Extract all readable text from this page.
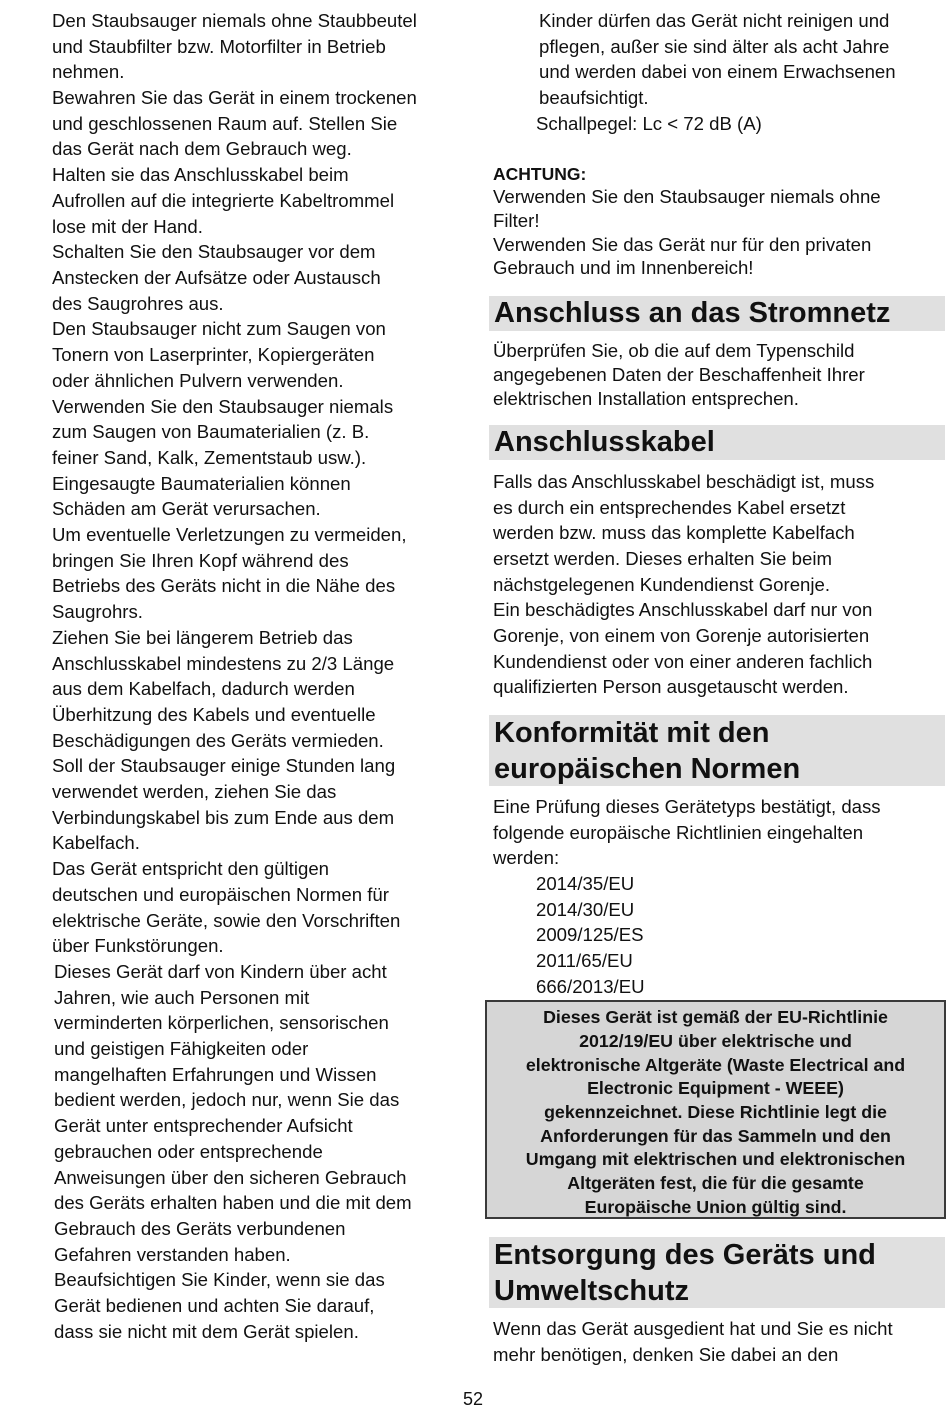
Den Staubsauger niemals ohne Staubbeutel
und Staubfilter bzw. Motorfilter in Betrieb
nehmen.
Bewahren Sie das Gerät in einem trockenen
und geschlossenen Raum auf. Stellen Sie
das Gerät nach dem Gebrauch weg.
Halten sie das Anschlusskabel beim
Aufrollen auf die integrierte Kabeltrommel
lose mit der Hand.
Schalten Sie den Staubsauger vor dem
Anstecken der Aufsätze oder Austausch
des Saugrohres aus.
Den Staubsauger nicht zum Saugen von
Tonern von Laserprinter, Kopiergeräten
oder ähnlichen Pulvern verwenden.
Verwenden Sie den Staubsauger niemals
zum Saugen von Baumaterialien (z. B.
feiner Sand, Kalk, Zementstaub usw.).
Eingesaugte Baumaterialien können
Schäden am Gerät verursachen.
Um eventuelle Verletzungen zu vermeiden,
bringen Sie Ihren Kopf während des
Betriebs des Geräts nicht in die Nähe des
Saugrohrs.
Ziehen Sie bei längerem Betrieb das
Anschlusskabel mindestens zu 2/3 Länge
aus dem Kabelfach, dadurch werden
Überhitzung des Kabels und eventuelle
Beschädigungen des Geräts vermieden.
Soll der Staubsauger einige Stunden lang
verwendet werden, ziehen Sie das
Verbindungskabel bis zum Ende aus dem
Kabelfach.
Das Gerät entspricht den gültigen
deutschen und europäischen Normen für
elektrische Geräte, sowie den Vorschriften
über Funkstörungen.
Dieses Gerät darf von Kindern über acht
Jahren, wie auch Personen mit
verminderten körperlichen, sensorischen
und geistigen Fähigkeiten oder
mangelhaften Erfahrungen und Wissen
bedient werden, jedoch nur, wenn Sie das
Gerät unter entsprechender Aufsicht
gebrauchen oder entsprechende
Anweisungen über den sicheren Gebrauch
des Geräts erhalten haben und die mit dem
Gebrauch des Geräts verbundenen
Gefahren verstanden haben.
Beaufsichtigen Sie Kinder, wenn sie das
Gerät bedienen und achten Sie darauf,
dass sie nicht mit dem Gerät spielen.
Kinder dürfen das Gerät nicht reinigen und
pflegen, außer sie sind älter als acht Jahre
und werden dabei von einem Erwachsenen
beaufsichtigt.
Schallpegel: Lc < 72 dB (A)
ACHTUNG:
Verwenden Sie den Staubsauger niemals ohne
Filter!
Verwenden Sie das Gerät nur für den privaten
Gebrauch und im Innenbereich!
Anschluss an das Stromnetz
Überprüfen Sie, ob die auf dem Typenschild
angegebenen Daten der Beschaffenheit Ihrer
elektrischen Installation entsprechen.
Anschlusskabel
Falls das Anschlusskabel beschädigt ist, muss
es durch ein entsprechendes Kabel ersetzt
werden bzw. muss das komplette Kabelfach
ersetzt werden. Dieses erhalten Sie beim
nächstgelegenen Kundendienst Gorenje.
Ein beschädigtes Anschlusskabel darf nur von
Gorenje, von einem von Gorenje autorisierten
Kundendienst oder von einer anderen fachlich
qualifizierten Person ausgetauscht werden.
Konformität mit den
europäischen Normen
Eine Prüfung dieses Gerätetyps bestätigt, dass
folgende europäische Richtlinien eingehalten
werden:
2014/35/EU
2014/30/EU
2009/125/ES
2011/65/EU
666/2013/EU
Entsorgung des Geräts und
Umweltschutz
Wenn das Gerät ausgedient hat und Sie es nicht
mehr benötigen, denken Sie dabei an den
Dieses Gerät ist gemäß der EU-Richtlinie
2012/19/EU über elektrische und
elektronische Altgeräte (Waste Electrical and
Electronic Equipment - WEEE)
gekennzeichnet. Diese Richtlinie legt die
Anforderungen für das Sammeln und den
Umgang mit elektrischen und elektronischen
Altgeräten fest, die für die gesamte
Europäische Union gültig sind.
52
